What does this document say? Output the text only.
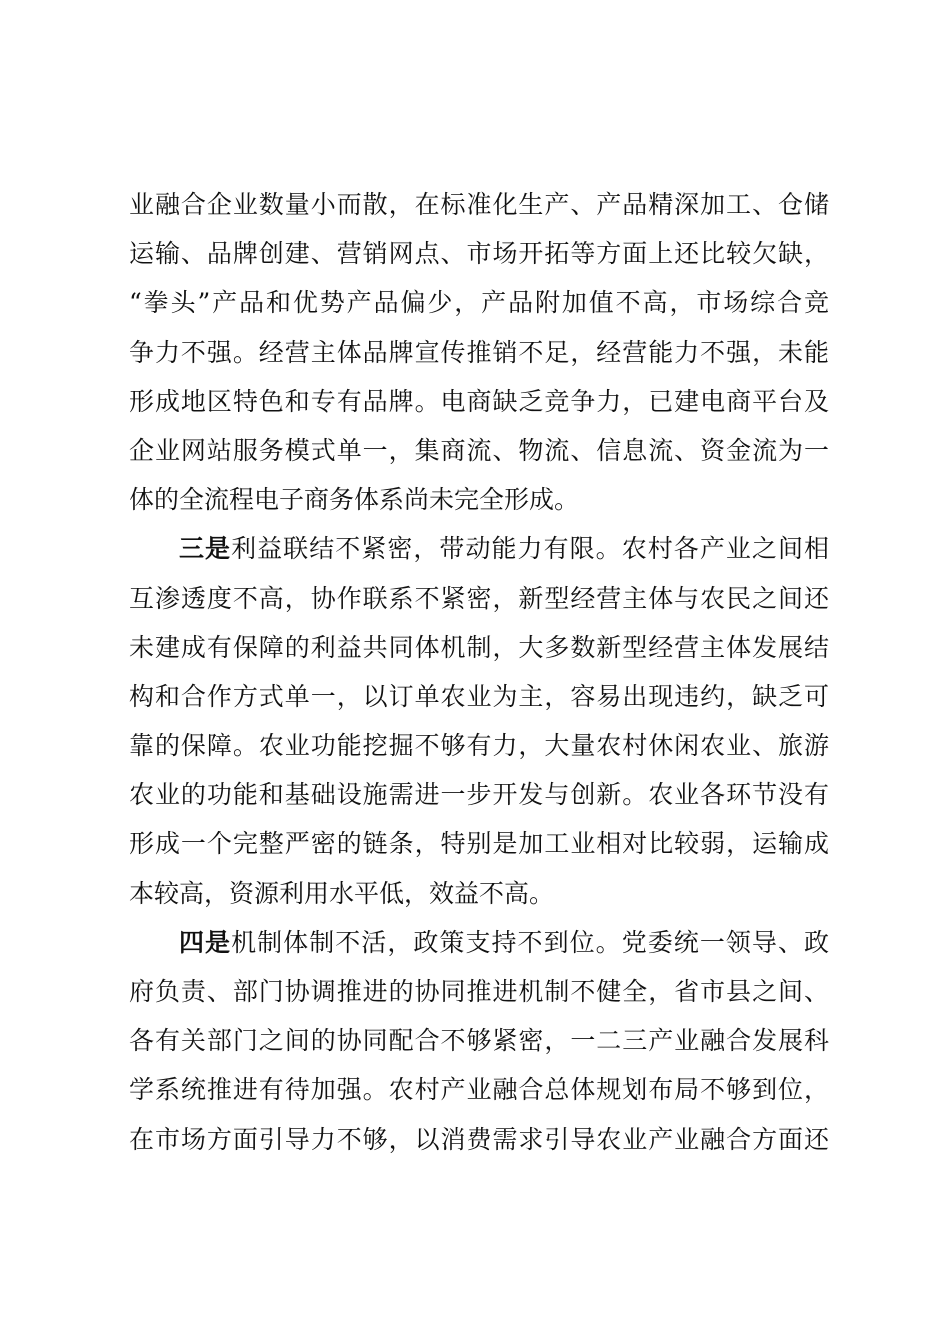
业融合企业数量小而散，在标准化生产、产品精深加工、仓储
运输、品牌创建、营销网点、市场开拓等方面上还比较欠缺，
“拳头”产品和优势产品偏少，产品附加值不高，市场综合竞
争力不强。经营主体品牌宣传推销不足，经营能力不强，未能
形成地区特色和专有品牌。电商缺乏竞争力，已建电商平台及
企业网站服务模式单一，集商流、物流、信息流、资金流为一
体的全流程电子商务体系尚未完全形成。
三是利益联结不紧密，带动能力有限。农村各产业之间相
互渗透度不高，协作联系不紧密，新型经营主体与农民之间还
未建成有保障的利益共同体机制，大多数新型经营主体发展结
构和合作方式单一，以订单农业为主，容易出现违约，缺乏可
靠的保障。农业功能挖掘不够有力，大量农村休闲农业、旅游
农业的功能和基础设施需进一步开发与创新。农业各环节没有
形成一个完整严密的链条，特别是加工业相对比较弱，运输成
本较高，资源利用水平低，效益不高。
四是机制体制不活，政策支持不到位。党委统一领导、政
府负责、部门协调推进的协同推进机制不健全，省市县之间、
各有关部门之间的协同配合不够紧密，一二三产业融合发展科
学系统推进有待加强。农村产业融合总体规划布局不够到位，
在市场方面引导力不够，以消费需求引导农业产业融合方面还
